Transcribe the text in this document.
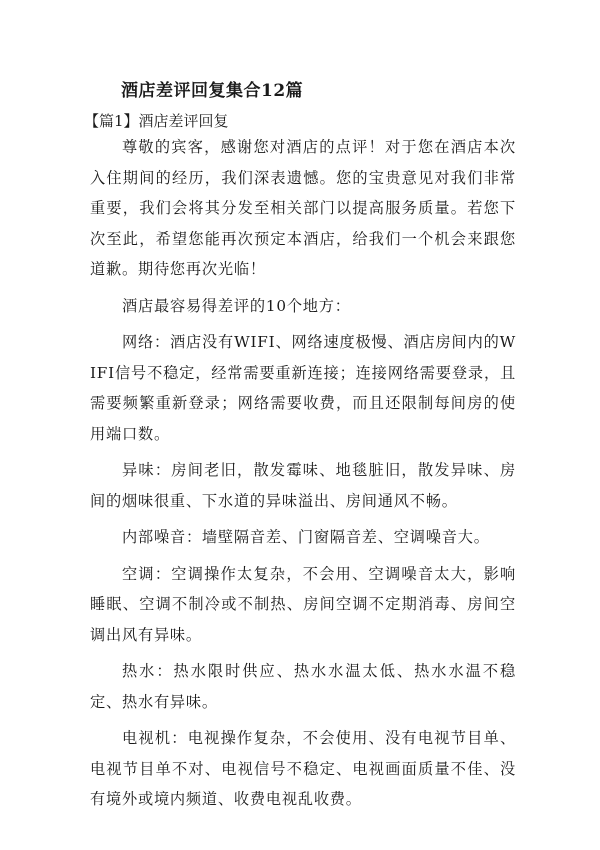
酒店差评回复集合12篇

【篇1】酒店差评回复

尊敬的宾客，感谢您对酒店的点评！对于您在酒店本次入住期间的经历，我们深表遗憾。您的宝贵意见对我们非常重要，我们会将其分发至相关部门以提高服务质量。若您下次至此，希望您能再次预定本酒店，给我们一个机会来跟您道歉。期待您再次光临！

酒店最容易得差评的10个地方：

网络：酒店没有WIFI、网络速度极慢、酒店房间内的WIFI信号不稳定，经常需要重新连接；连接网络需要登录，且需要频繁重新登录；网络需要收费，而且还限制每间房的使用端口数。

异味：房间老旧，散发霉味、地毯脏旧，散发异味、房间的烟味很重、下水道的异味溢出、房间通风不畅。

内部噪音：墙壁隔音差、门窗隔音差、空调噪音大。

空调：空调操作太复杂，不会用、空调噪音太大，影响睡眠、空调不制冷或不制热、房间空调不定期消毒、房间空调出风有异味。

热水：热水限时供应、热水水温太低、热水水温不稳定、热水有异味。

电视机：电视操作复杂，不会使用、没有电视节目单、电视节目单不对、电视信号不稳定、电视画面质量不佳、没有境外或境内频道、收费电视乱收费。
